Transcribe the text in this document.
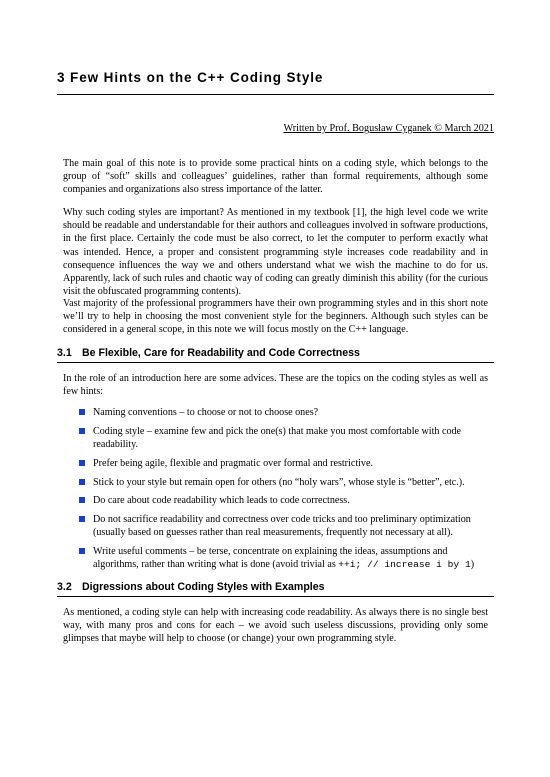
3 Few Hints on the C++ Coding Style
Written by Prof. Bogusław Cyganek © March 2021

The main goal of this note is to provide some practical hints on a coding style, which belongs to the group of “soft” skills and colleagues’ guidelines, rather than formal requirements, although some companies and organizations also stress importance of the latter.

Why such coding styles are important? As mentioned in my textbook [1], the high level code we write should be readable and understandable for their authors and colleagues involved in software productions, in the first place. Certainly the code must be also correct, to let the computer to perform exactly what was intended. Hence, a proper and consistent programming style increases code readability and in consequence influences the way we and others understand what we wish the machine to do for us. Apparently, lack of such rules and chaotic way of coding can greatly diminish this ability (for the curious visit the obfuscated programming contents).

Vast majority of the professional programmers have their own programming styles and in this short note we’ll try to help in choosing the most convenient style for the beginners. Although such styles can be considered in a general scope, in this note we will focus mostly on the C++ language.

3.1 Be Flexible, Care for Readability and Code Correctness

In the role of an introduction here are some advices. These are the topics on the coding styles as well as few hints:

Naming conventions – to choose or not to choose ones?
Coding style – examine few and pick the one(s) that make you most comfortable with code readability.
Prefer being agile, flexible and pragmatic over formal and restrictive.
Stick to your style but remain open for others (no “holy wars”, whose style is “better”, etc.).
Do care about code readability which leads to code correctness.
Do not sacrifice readability and correctness over code tricks and too preliminary optimization (usually based on guesses rather than real measurements, frequently not necessary at all).
Write useful comments – be terse, concentrate on explaining the ideas, assumptions and algorithms, rather than writing what is done (avoid trivial as ++i; // increase i by 1)
3.2 Digressions about Coding Styles with Examples

As mentioned, a coding style can help with increasing code readability. As always there is no single best way, with many pros and cons for each – we avoid such useless discussions, providing only some glimpses that maybe will help to choose (or change) your own programming style.
